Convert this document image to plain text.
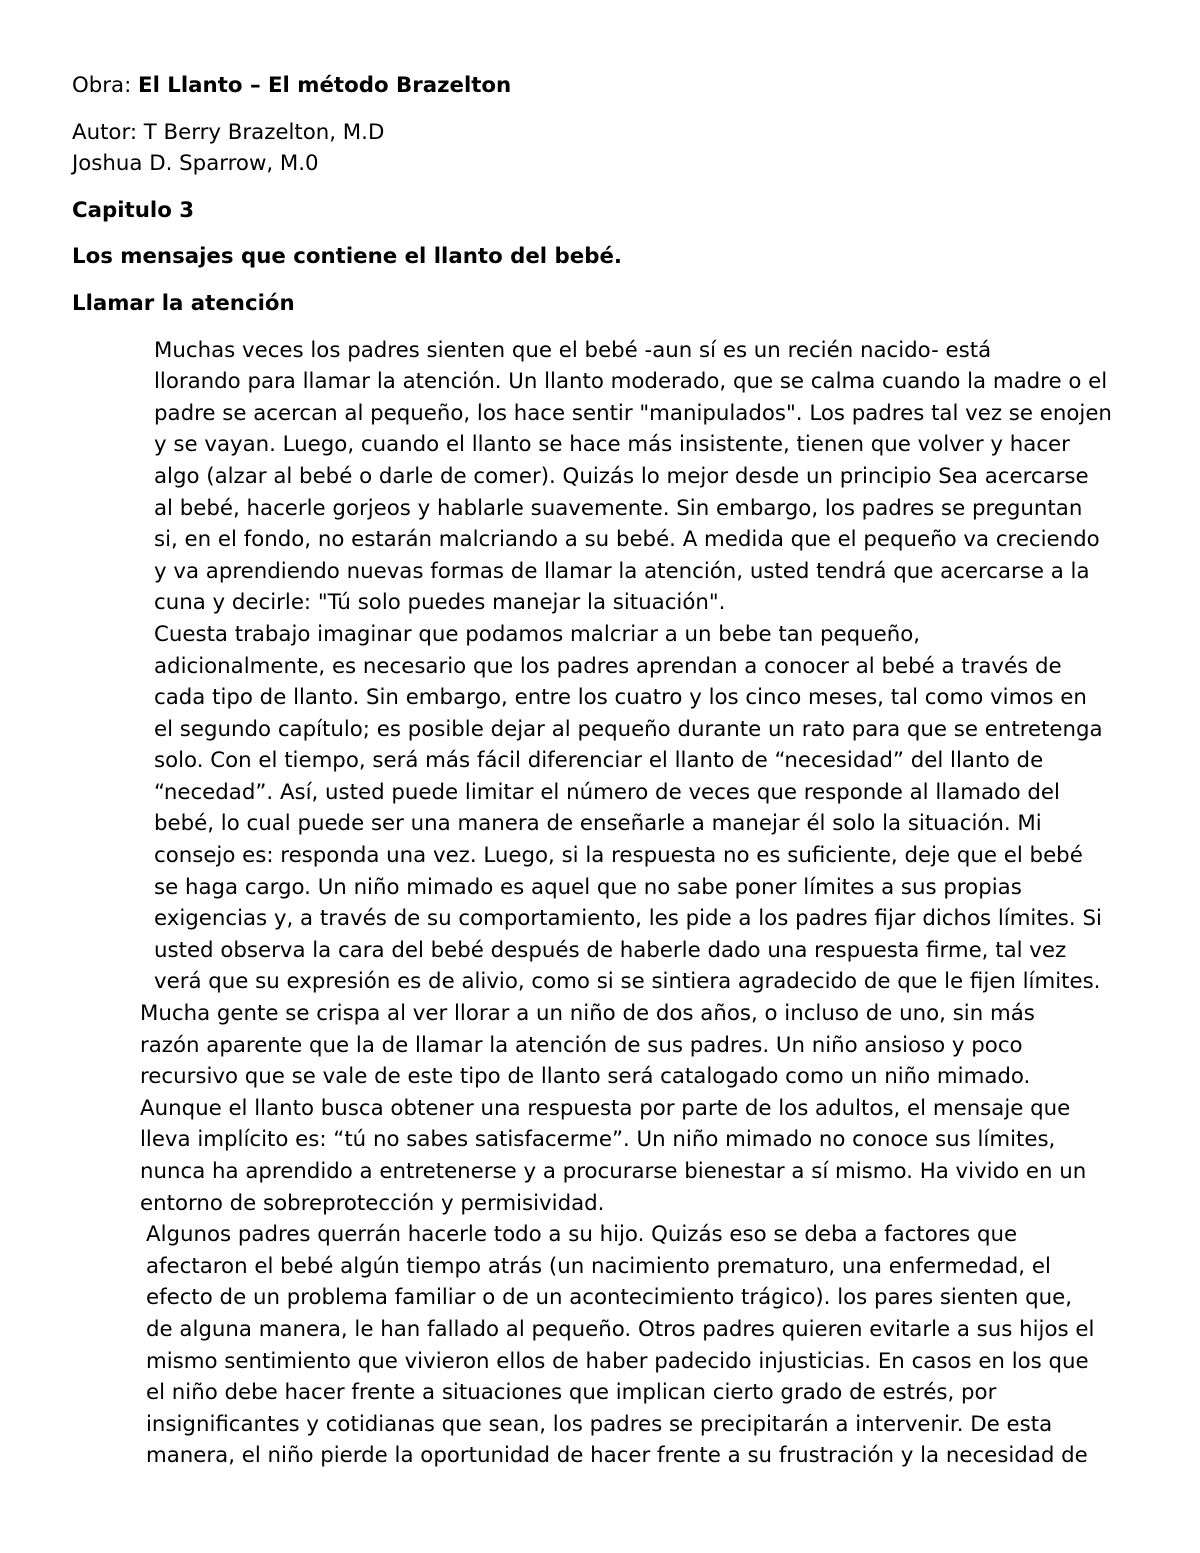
Obra: El Llanto – El método Brazelton

Autor: T Berry Brazelton, M.D
Joshua D. Sparrow, M.0

Capitulo 3

Los mensajes que contiene el llanto del bebé.

Llamar la atención

Muchas veces los padres sienten que el bebé -aun sí es un recién nacido- está
llorando para llamar la atención. Un llanto moderado, que se calma cuando la madre o el
padre se acercan al pequeño, los hace sentir "manipulados". Los padres tal vez se enojen
y se vayan. Luego, cuando el llanto se hace más insistente, tienen que volver y hacer
algo (alzar al bebé o darle de comer). Quizás lo mejor desde un principio Sea acercarse
al bebé, hacerle gorjeos y hablarle suavemente. Sin embargo, los padres se preguntan
si, en el fondo, no estarán malcriando a su bebé. A medida que el pequeño va creciendo
y va aprendiendo nuevas formas de llamar la atención, usted tendrá que acercarse a la
cuna y decirle: "Tú solo puedes manejar la situación".
Cuesta trabajo imaginar que podamos malcriar a un bebe tan pequeño,
adicionalmente, es necesario que los padres aprendan a conocer al bebé a través de
cada tipo de llanto. Sin embargo, entre los cuatro y los cinco meses, tal como vimos en
el segundo capítulo; es posible dejar al pequeño durante un rato para que se entretenga
solo. Con el tiempo, será más fácil diferenciar el llanto de “necesidad” del llanto de
“necedad”. Así, usted puede limitar el número de veces que responde al llamado del
bebé, lo cual puede ser una manera de enseñarle a manejar él solo la situación. Mi
consejo es: responda una vez. Luego, si la respuesta no es suficiente, deje que el bebé
se haga cargo. Un niño mimado es aquel que no sabe poner límites a sus propias
exigencias y, a través de su comportamiento, les pide a los padres fijar dichos límites. Si
usted observa la cara del bebé después de haberle dado una respuesta firme, tal vez
verá que su expresión es de alivio, como si se sintiera agradecido de que le fijen límites.
Mucha gente se crispa al ver llorar a un niño de dos años, o incluso de uno, sin más
razón aparente que la de llamar la atención de sus padres. Un niño ansioso y poco
recursivo que se vale de este tipo de llanto será catalogado como un niño mimado.
Aunque el llanto busca obtener una respuesta por parte de los adultos, el mensaje que
lleva implícito es: “tú no sabes satisfacerme”. Un niño mimado no conoce sus límites,
nunca ha aprendido a entretenerse y a procurarse bienestar a sí mismo. Ha vivido en un
entorno de sobreprotección y permisividad.
Algunos padres querrán hacerle todo a su hijo. Quizás eso se deba a factores que
afectaron el bebé algún tiempo atrás (un nacimiento prematuro, una enfermedad, el
efecto de un problema familiar o de un acontecimiento trágico). los pares sienten que,
de alguna manera, le han fallado al pequeño. Otros padres quieren evitarle a sus hijos el
mismo sentimiento que vivieron ellos de haber padecido injusticias. En casos en los que
el niño debe hacer frente a situaciones que implican cierto grado de estrés, por
insignificantes y cotidianas que sean, los padres se precipitarán a intervenir. De esta
manera, el niño pierde la oportunidad de hacer frente a su frustración y la necesidad de
